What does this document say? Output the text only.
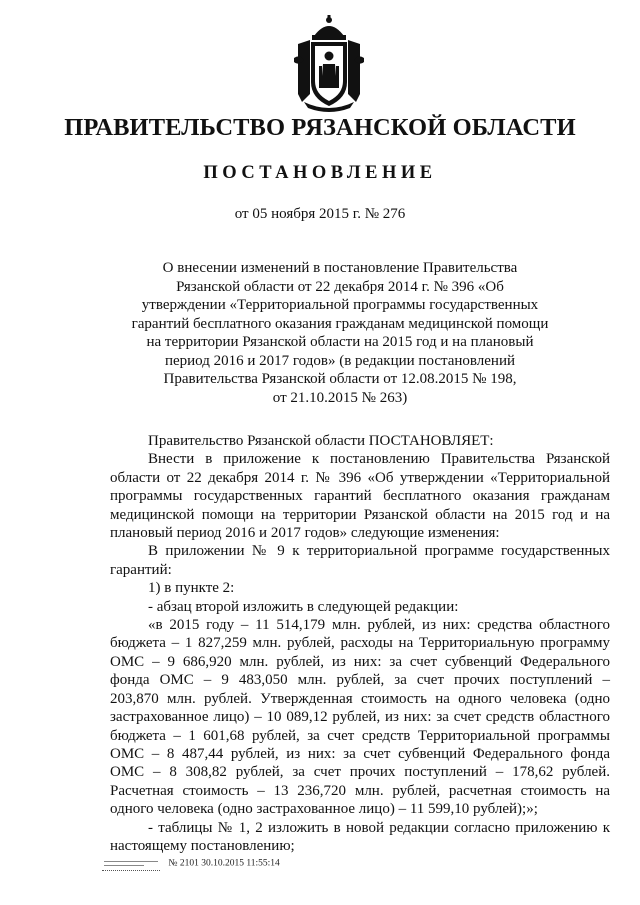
ПРАВИТЕЛЬСТВО РЯЗАНСКОЙ ОБЛАСТИ
ПОСТАНОВЛЕНИЕ
от 05 ноября 2015 г. № 276
О внесении изменений в постановление Правительства
Рязанской области от 22 декабря 2014 г. № 396 «Об
утверждении «Территориальной программы государственных
гарантий бесплатного оказания гражданам медицинской помощи
на территории Рязанской области на 2015 год и на плановый
период 2016 и 2017 годов» (в редакции постановлений
Правительства Рязанской области от 12.08.2015 № 198,
от 21.10.2015 № 263)
Правительство Рязанской области ПОСТАНОВЛЯЕТ:
Внести в приложение к постановлению Правительства Рязанской
области от 22 декабря 2014 г. № 396 «Об утверждении «Территориальной
программы государственных гарантий бесплатного оказания гражданам
медицинской помощи на территории Рязанской области на 2015 год и на
плановый период 2016 и 2017 годов» следующие изменения:
В приложении № 9 к территориальной программе государственных
гарантий:
1) в пункте 2:
- абзац второй изложить в следующей редакции:
«в 2015 году – 11 514,179 млн. рублей, из них: средства областного
бюджета – 1 827,259 млн. рублей, расходы на Территориальную программу
ОМС – 9 686,920 млн. рублей, из них: за счет субвенций Федерального
фонда ОМС – 9 483,050 млн. рублей, за счет прочих поступлений –
203,870 млн. рублей. Утвержденная стоимость на одного человека (одно
застрахованное лицо) – 10 089,12 рублей, из них: за счет средств областного
бюджета – 1 601,68 рублей, за счет средств Территориальной программы
ОМС – 8 487,44 рублей, из них: за счет субвенций Федерального фонда
ОМС – 8 308,82 рублей, за счет прочих поступлений – 178,62 рублей.
Расчетная стоимость – 13 236,720 млн. рублей, расчетная стоимость на
одного человека (одно застрахованное лицо) – 11 599,10 рублей);»;
- таблицы № 1, 2 изложить в новой редакции согласно приложению к
настоящему постановлению;
№ 2101 30.10.2015 11:55:14
